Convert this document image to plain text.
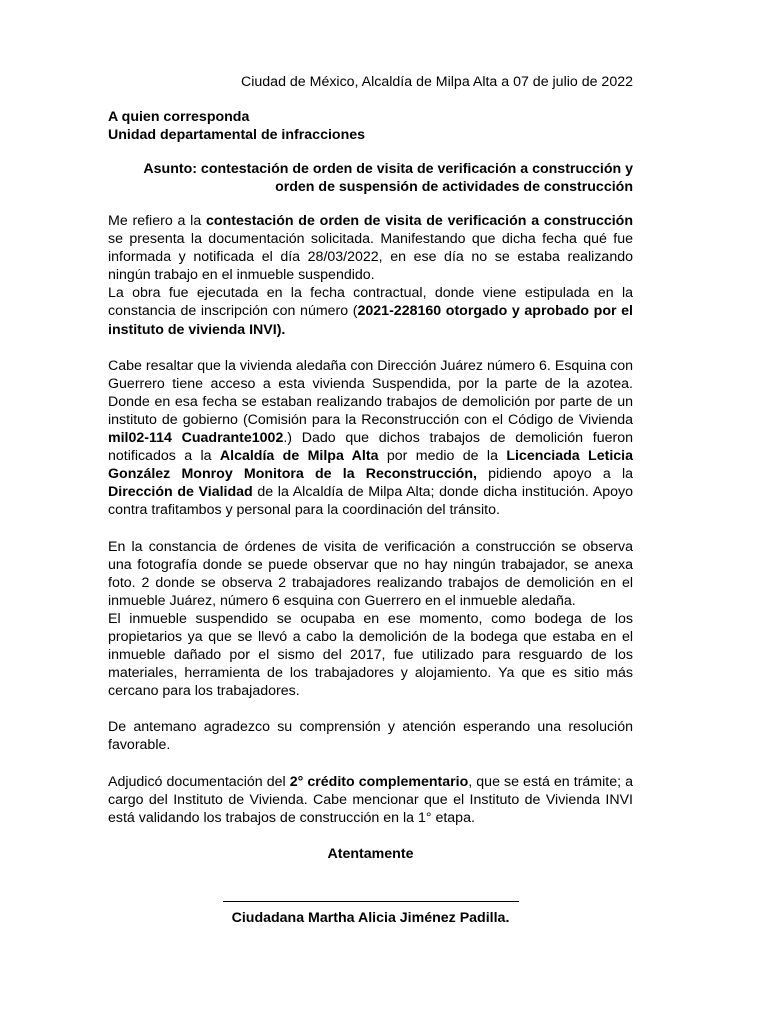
Ciudad de México, Alcaldía de Milpa Alta a 07 de julio de 2022
A quien corresponda
Unidad departamental de infracciones
Asunto: contestación de orden de visita de verificación a construcción y
orden de suspensión de actividades de construcción

Me refiero a la contestación de orden de visita de verificación a construcción se presenta la documentación solicitada. Manifestando que dicha fecha qué fue informada y notificada el día 28/03/2022, en ese día no se estaba realizando ningún trabajo en el inmueble suspendido.

La obra fue ejecutada en la fecha contractual, donde viene estipulada en la constancia de inscripción con número (2021-228160 otorgado y aprobado por el instituto de vivienda INVI).

Cabe resaltar que la vivienda aledaña con Dirección Juárez número 6. Esquina con Guerrero tiene acceso a esta vivienda Suspendida, por la parte de la azotea. Donde en esa fecha se estaban realizando trabajos de demolición por parte de un instituto de gobierno (Comisión para la Reconstrucción con el Código de Vivienda mil02-114 Cuadrante1002.) Dado que dichos trabajos de demolición fueron notificados a la Alcaldía de Milpa Alta por medio de la Licenciada Leticia González Monroy Monitora de la Reconstrucción, pidiendo apoyo a la Dirección de Vialidad de la Alcaldía de Milpa Alta; donde dicha institución. Apoyo contra trafitambos y personal para la coordinación del tránsito.

En la constancia de órdenes de visita de verificación a construcción se observa una fotografía donde se puede observar que no hay ningún trabajador, se anexa foto. 2 donde se observa 2 trabajadores realizando trabajos de demolición en el inmueble Juárez, número 6 esquina con Guerrero en el inmueble aledaña.

El inmueble suspendido se ocupaba en ese momento, como bodega de los propietarios ya que se llevó a cabo la demolición de la bodega que estaba en el inmueble dañado por el sismo del 2017, fue utilizado para resguardo de los materiales, herramienta de los trabajadores y alojamiento. Ya que es sitio más cercano para los trabajadores.

De antemano agradezco su comprensión y atención esperando una resolución favorable.

Adjudicó documentación del 2° crédito complementario, que se está en trámite; a cargo del Instituto de Vivienda. Cabe mencionar que el Instituto de Vivienda INVI está validando los trabajos de construcción en la 1° etapa.

Atentamente
Ciudadana Martha Alicia Jiménez Padilla.
